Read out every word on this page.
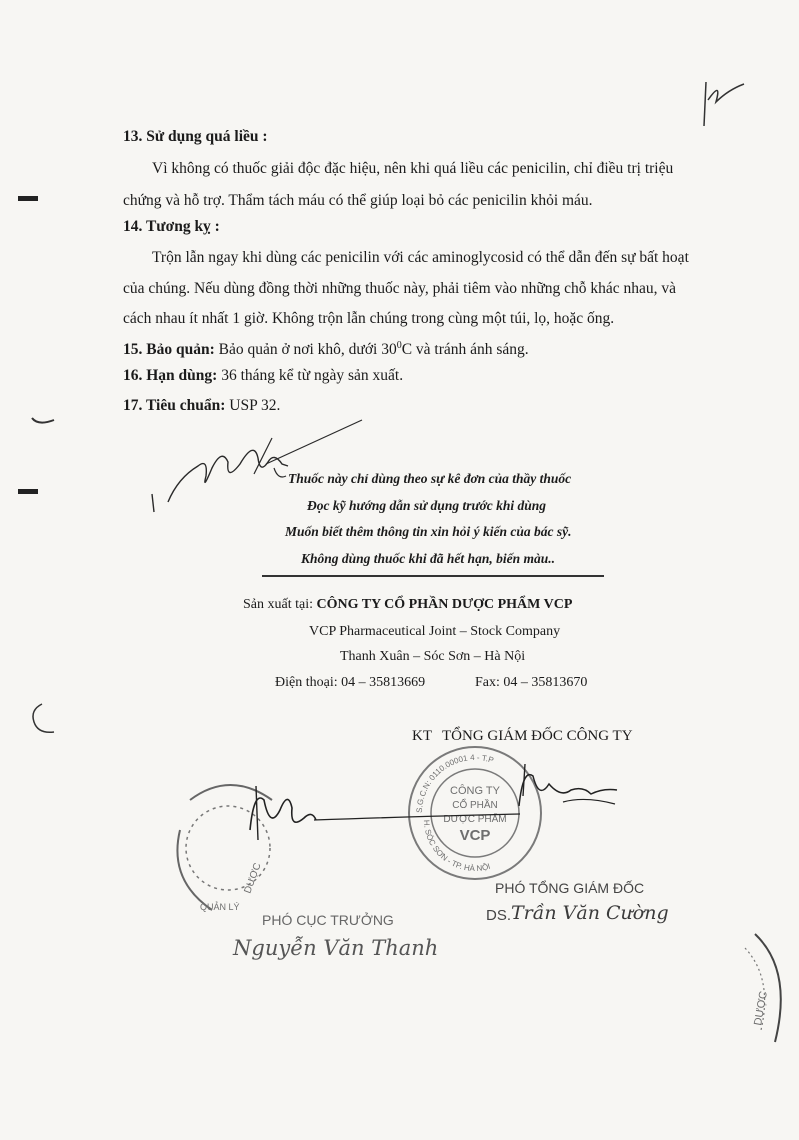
13. Sử dụng quá liều :
Vì không có thuốc giải độc đặc hiệu, nên khi quá liều các penicilin, chỉ điều trị triệu
chứng và hỗ trợ. Thẩm tách máu có thể giúp loại bỏ các penicilin khỏi máu.
14. Tương kỵ :
Trộn lẫn ngay khi dùng các penicilin với các aminoglycosid có thể dẫn đến sự bất hoạt
của chúng. Nếu dùng đồng thời những thuốc này, phải tiêm vào những chỗ khác nhau, và
cách nhau ít nhất 1 giờ. Không trộn lẫn chúng trong cùng một túi, lọ, hoặc ống.
15. Bảo quản: Bảo quản ở nơi khô, dưới $30^0C$ và tránh ánh sáng.
16. Hạn dùng: 36 tháng kể từ ngày sản xuất.
17. Tiêu chuẩn: USP 32.
Thuốc này chỉ dùng theo sự kê đơn của thầy thuốc
Đọc kỹ hướng dẫn sử dụng trước khi dùng
Muốn biết thêm thông tin xin hỏi ý kiến của bác sỹ.
Không dùng thuốc khi đã hết hạn, biến màu..
Sản xuất tại: CÔNG TY CỔ PHẦN DƯỢC PHẨM VCP
VCP Pharmaceutical Joint – Stock Company
Thanh Xuân – Sóc Sơn – Hà Nội
Điện thoại: 04 – 35813669	Fax: 04 – 35813670
KT TỔNG GIÁM ĐỐC CÔNG TY
S.G.C.N: 0110.00001 4 - T.P
H. SÓC SƠN - TP. HÀ NỘI
CÔNG TY
CỔ PHẦN
DƯỢC PHẨM
VCP
PHÓ TỔNG GIÁM ĐỐC
DS. Trần Văn Cường
DƯỢC
QUẢN LÝ
PHÓ CỤC TRƯỞNG
Nguyễn Văn Thanh
DƯỢC
